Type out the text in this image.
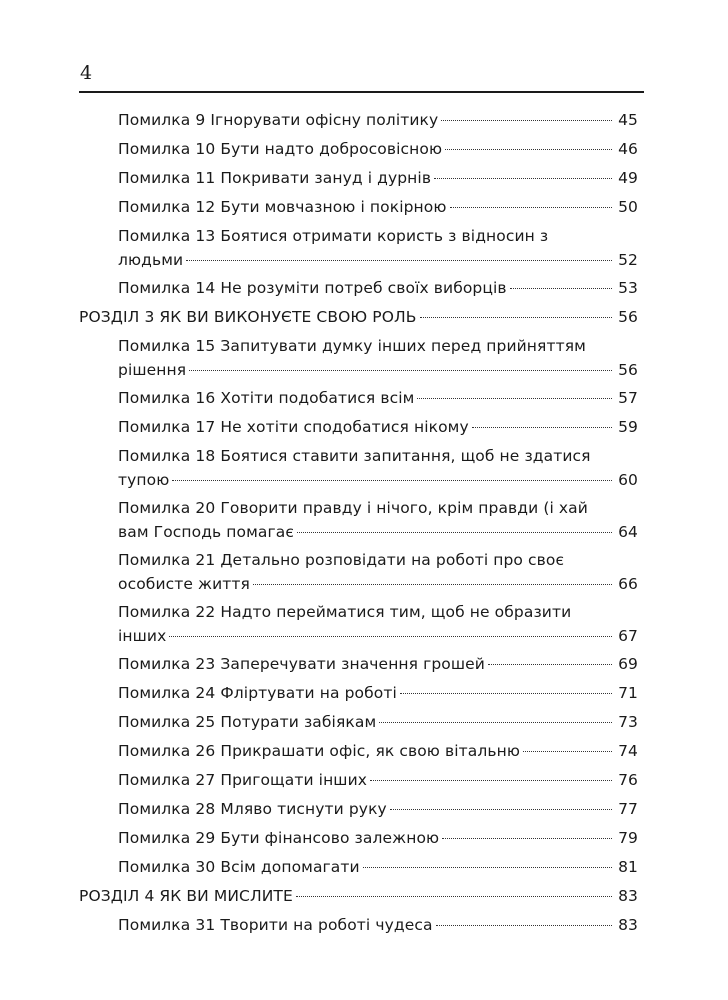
4
Помилка 9 Ігнорувати офісну політику	45
Помилка 10 Бути надто добросовісною	46
Помилка 11 Покривати зануд і дурнів	49
Помилка 12 Бути мовчазною і покірною	50
Помилка 13 Боятися отримати користь з відносин з
людьми	52
Помилка 14 Не розуміти потреб своїх виборців	53
РОЗДІЛ 3 ЯК ВИ ВИКОНУЄТЕ СВОЮ РОЛЬ	56
Помилка 15 Запитувати думку інших перед прийняттям
рішення	56
Помилка 16 Хотіти подобатися всім	57
Помилка 17 Не хотіти сподобатися нікому	59
Помилка 18 Боятися ставити запитання, щоб не здатися
тупою	60
Помилка 20 Говорити правду і нічого, крім правди (і хай
вам Господь помагає	64
Помилка 21 Детально розповідати на роботі про своє
особисте життя	66
Помилка 22 Надто перейматися тим, щоб не образити
інших	67
Помилка 23 Заперечувати значення грошей	69
Помилка 24 Фліртувати на роботі	71
Помилка 25 Потурати забіякам	73
Помилка 26 Прикрашати офіс, як свою вітальню	74
Помилка 27 Пригощати інших	76
Помилка 28 Млявo тиснути руку	77
Помилка 29 Бути фінансово залежною	79
Помилка 30 Всім допомагати	81
РОЗДІЛ 4 ЯК ВИ МИСЛИТЕ	83
Помилка 31 Творити на роботі чудеса	83
